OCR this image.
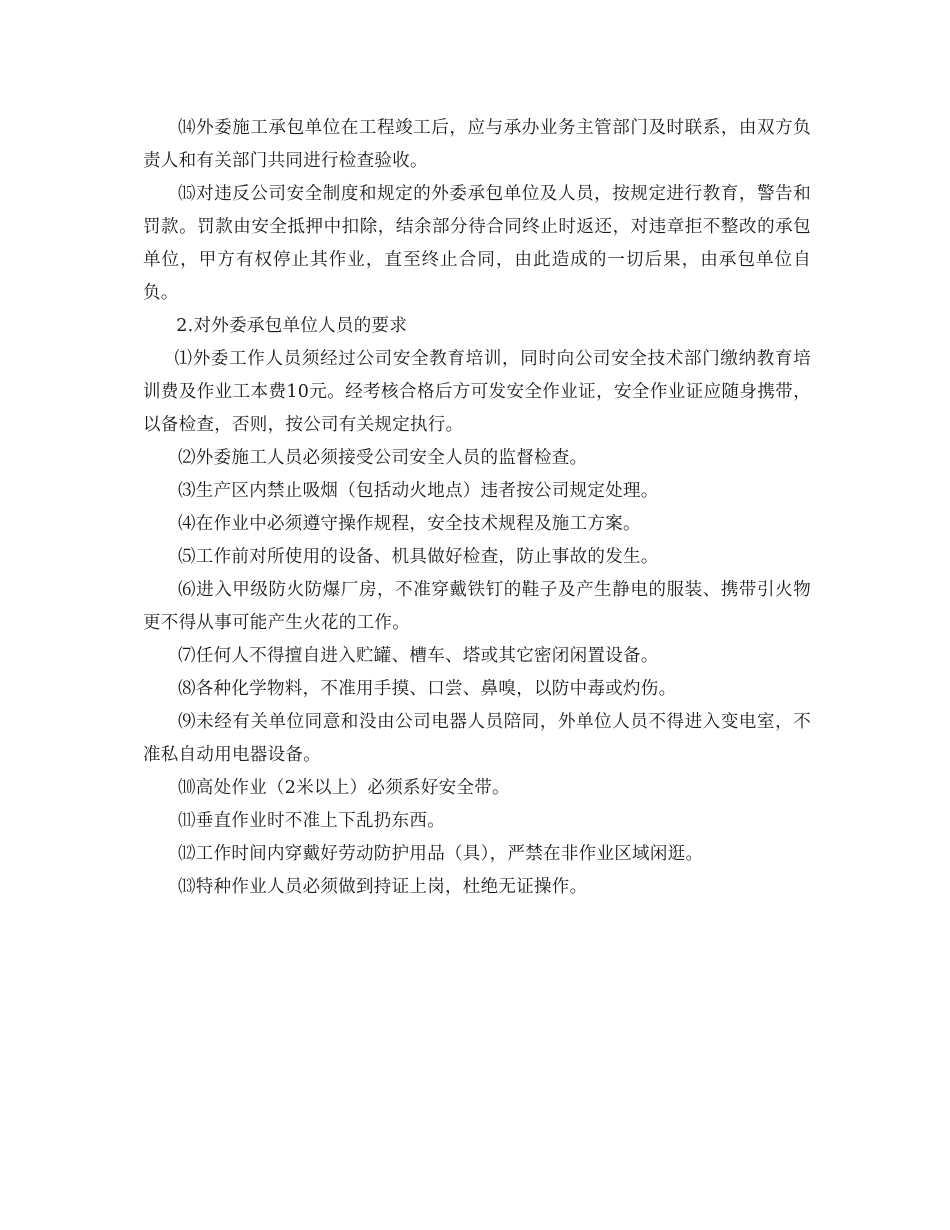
⒁外委施工承包单位在工程竣工后，应与承办业务主管部门及时联系，由双方负责人和有关部门共同进行检查验收。

⒂对违反公司安全制度和规定的外委承包单位及人员，按规定进行教育，警告和罚款。罚款由安全抵押中扣除，结余部分待合同终止时返还，对违章拒不整改的承包单位，甲方有权停止其作业，直至终止合同，由此造成的一切后果，由承包单位自负。

2.对外委承包单位人员的要求

⑴外委工作人员须经过公司安全教育培训，同时向公司安全技术部门缴纳教育培训费及作业工本费10元。经考核合格后方可发安全作业证，安全作业证应随身携带，以备检查，否则，按公司有关规定执行。

⑵外委施工人员必须接受公司安全人员的监督检查。

⑶生产区内禁止吸烟（包括动火地点）违者按公司规定处理。

⑷在作业中必须遵守操作规程，安全技术规程及施工方案。

⑸工作前对所使用的设备、机具做好检查，防止事故的发生。

⑹进入甲级防火防爆厂房，不准穿戴铁钉的鞋子及产生静电的服装、携带引火物更不得从事可能产生火花的工作。

⑺任何人不得擅自进入贮罐、槽车、塔或其它密闭闲置设备。

⑻各种化学物料，不准用手摸、口尝、鼻嗅，以防中毒或灼伤。

⑼未经有关单位同意和没由公司电器人员陪同，外单位人员不得进入变电室，不准私自动用电器设备。

⑽高处作业（2米以上）必须系好安全带。

⑾垂直作业时不准上下乱扔东西。

⑿工作时间内穿戴好劳动防护用品（具），严禁在非作业区域闲逛。

⒀特种作业人员必须做到持证上岗，杜绝无证操作。
